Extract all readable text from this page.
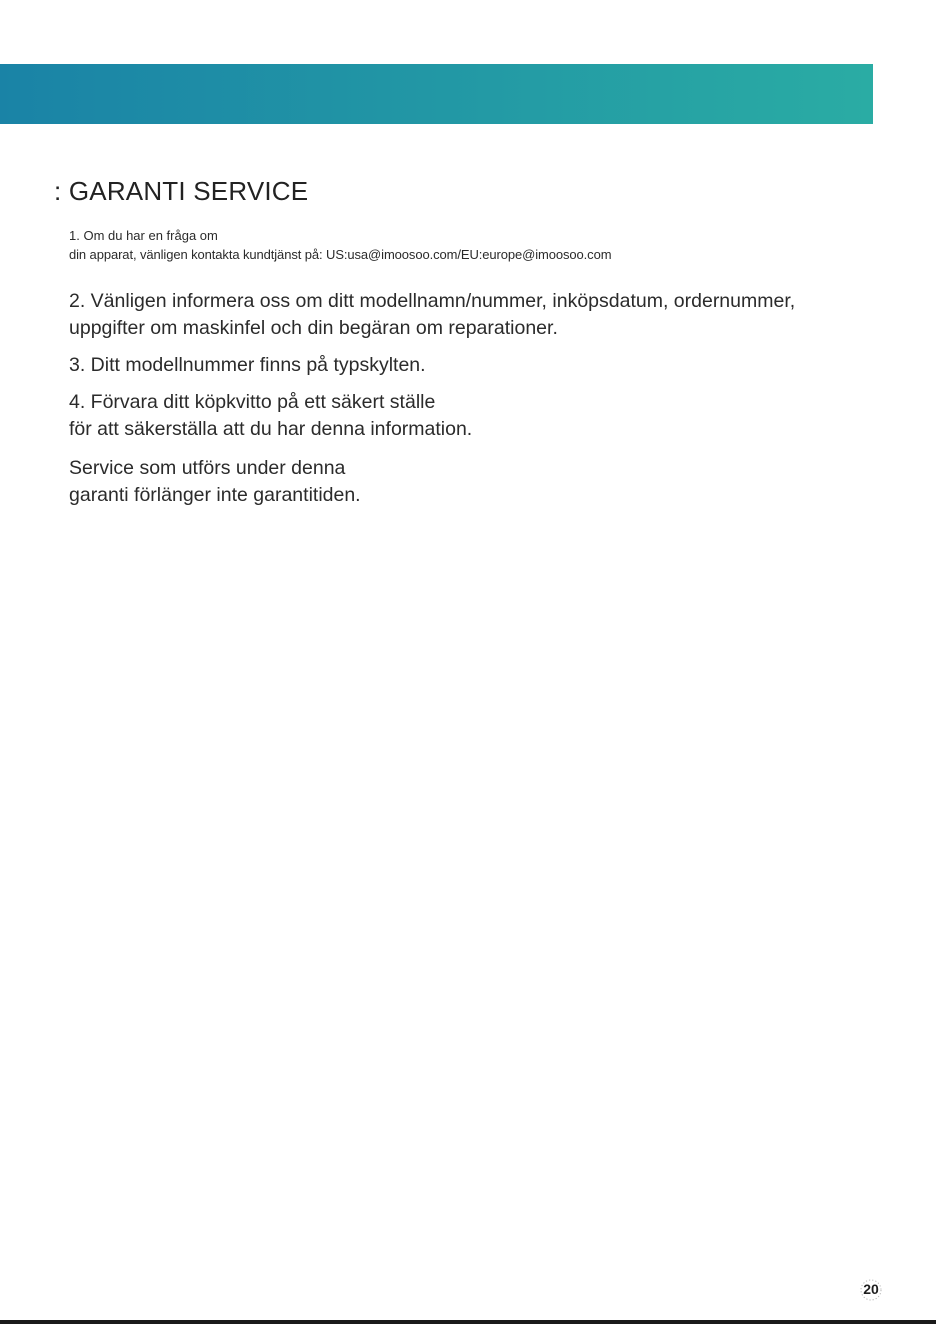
: GARANTI SERVICE

1. Om du har en fråga om
din apparat, vänligen kontakta kundtjänst på: US:usa@imoosoo.com/EU:europe@imoosoo.com

2. Vänligen informera oss om ditt modellnamn/nummer, inköpsdatum, ordernummer,
uppgifter om maskinfel och din begäran om reparationer.

3. Ditt modellnummer finns på typskylten.

4. Förvara ditt köpkvitto på ett säkert ställe
för att säkerställa att du har denna information.

Service som utförs under denna
garanti förlänger inte garantitiden.

20
